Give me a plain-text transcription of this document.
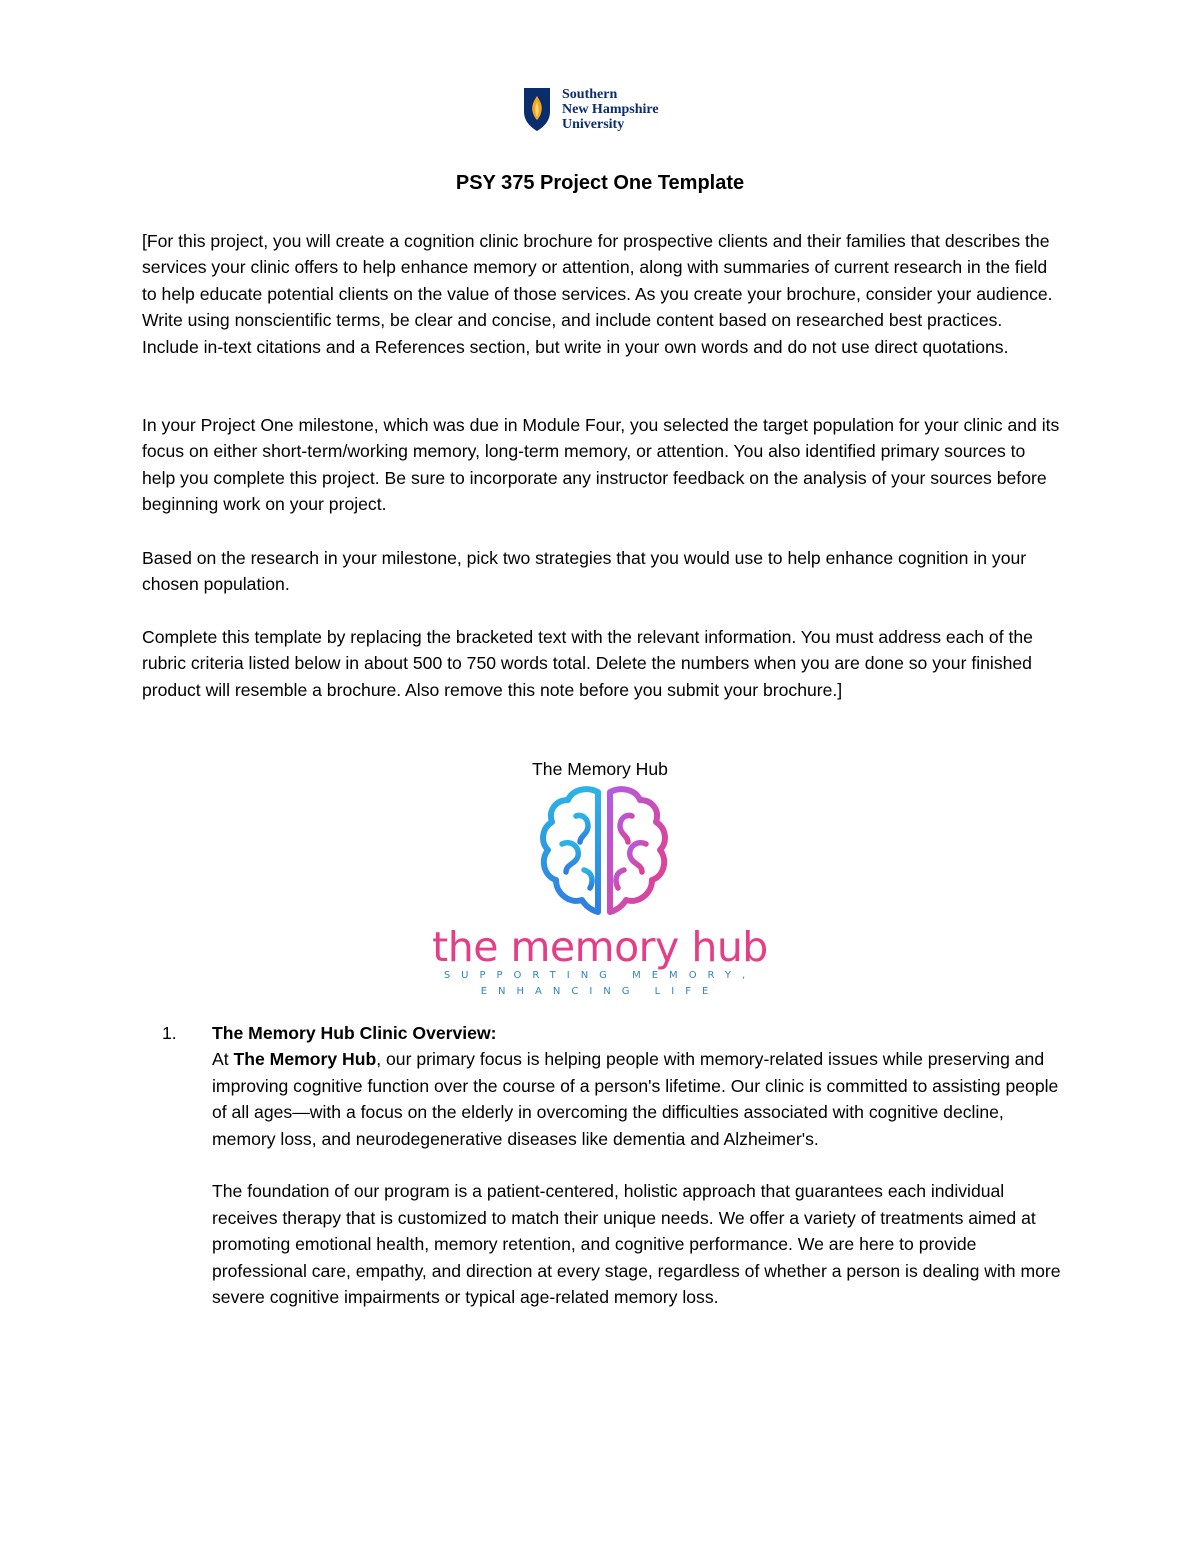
Southern
New Hampshire
University
PSY 375 Project One Template

[For this project, you will create a cognition clinic brochure for prospective clients and their families that describes the services your clinic offers to help enhance memory or attention, along with summaries of current research in the field to help educate potential clients on the value of those services. As you create your brochure, consider your audience. Write using nonscientific terms, be clear and concise, and include content based on researched best practices. Include in-text citations and a References section, but write in your own words and do not use direct quotations.

In your Project One milestone, which was due in Module Four, you selected the target population for your clinic and its focus on either short-term/working memory, long-term memory, or attention. You also identified primary sources to help you complete this project. Be sure to incorporate any instructor feedback on the analysis of your sources before beginning work on your project.

Based on the research in your milestone, pick two strategies that you would use to help enhance cognition in your chosen population.

Complete this template by replacing the bracketed text with the relevant information. You must address each of the rubric criteria listed below in about 500 to 750 words total. Delete the numbers when you are done so your finished product will resemble a brochure. Also remove this note before you submit your brochure.]

The Memory Hub
the memory hub
SUPPORTING MEMORY,
ENHANCING LIFE
1. The Memory Hub Clinic Overview:

At The Memory Hub, our primary focus is helping people with memory-related issues while preserving and improving cognitive function over the course of a person's lifetime. Our clinic is committed to assisting people of all ages—with a focus on the elderly in overcoming the difficulties associated with cognitive decline, memory loss, and neurodegenerative diseases like dementia and Alzheimer's.

The foundation of our program is a patient-centered, holistic approach that guarantees each individual receives therapy that is customized to match their unique needs. We offer a variety of treatments aimed at promoting emotional health, memory retention, and cognitive performance. We are here to provide professional care, empathy, and direction at every stage, regardless of whether a person is dealing with more severe cognitive impairments or typical age-related memory loss.
